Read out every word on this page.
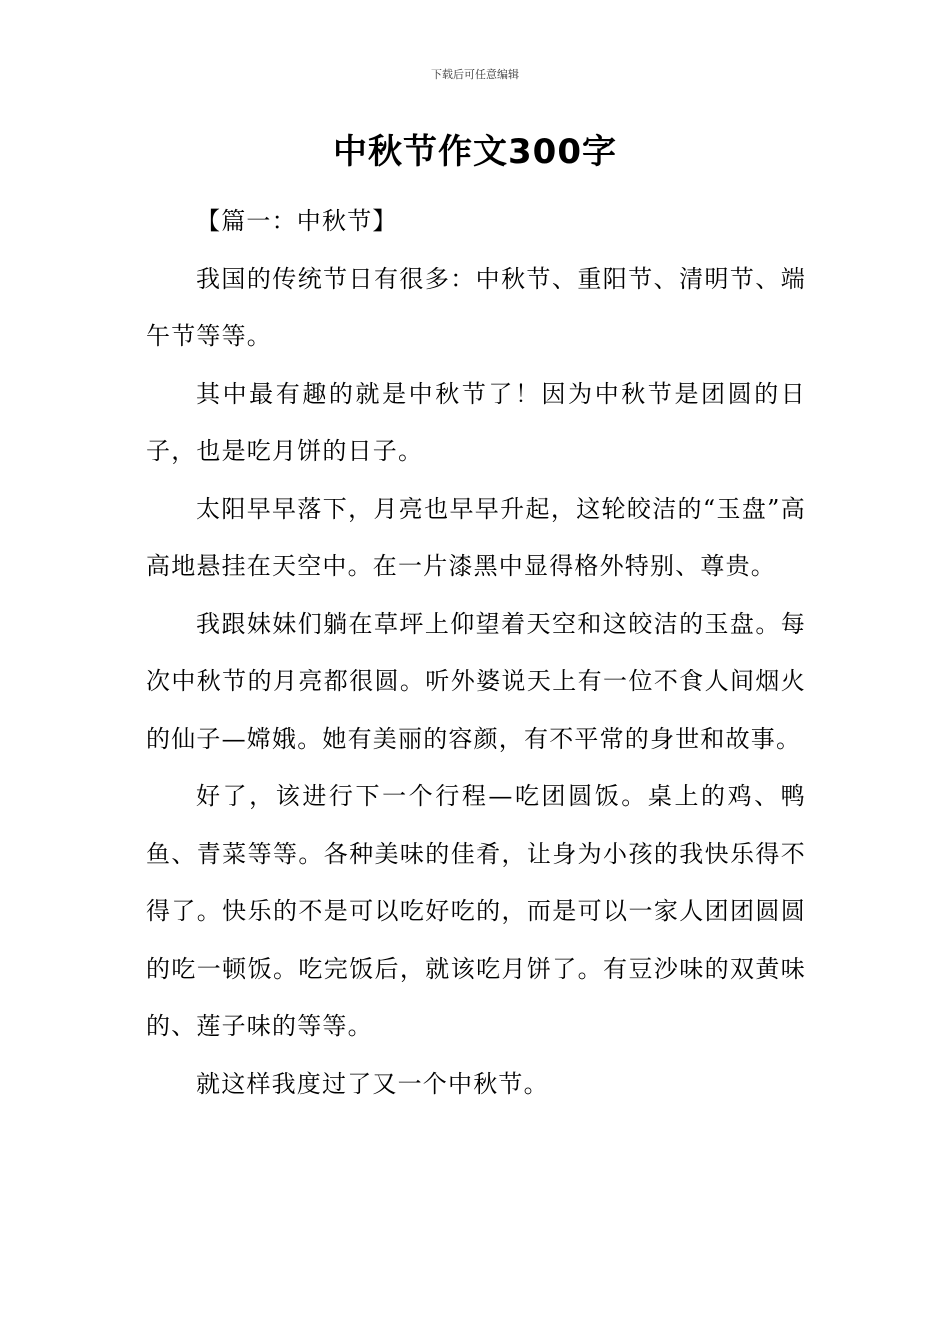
下载后可任意编辑
中秋节作文300字

【篇一：中秋节】

我国的传统节日有很多：中秋节、重阳节、清明节、端午节等等。

其中最有趣的就是中秋节了！因为中秋节是团圆的日子，也是吃月饼的日子。

太阳早早落下，月亮也早早升起，这轮皎洁的“玉盘”高高地悬挂在天空中。在一片漆黑中显得格外特别、尊贵。

我跟妹妹们躺在草坪上仰望着天空和这皎洁的玉盘。每次中秋节的月亮都很圆。听外婆说天上有一位不食人间烟火的仙子—嫦娥。她有美丽的容颜，有不平常的身世和故事。

好了，该进行下一个行程—吃团圆饭。桌上的鸡、鸭鱼、青菜等等。各种美味的佳肴，让身为小孩的我快乐得不得了。快乐的不是可以吃好吃的，而是可以一家人团团圆圆的吃一顿饭。吃完饭后，就该吃月饼了。有豆沙味的双黄味的、莲子味的等等。

就这样我度过了又一个中秋节。
